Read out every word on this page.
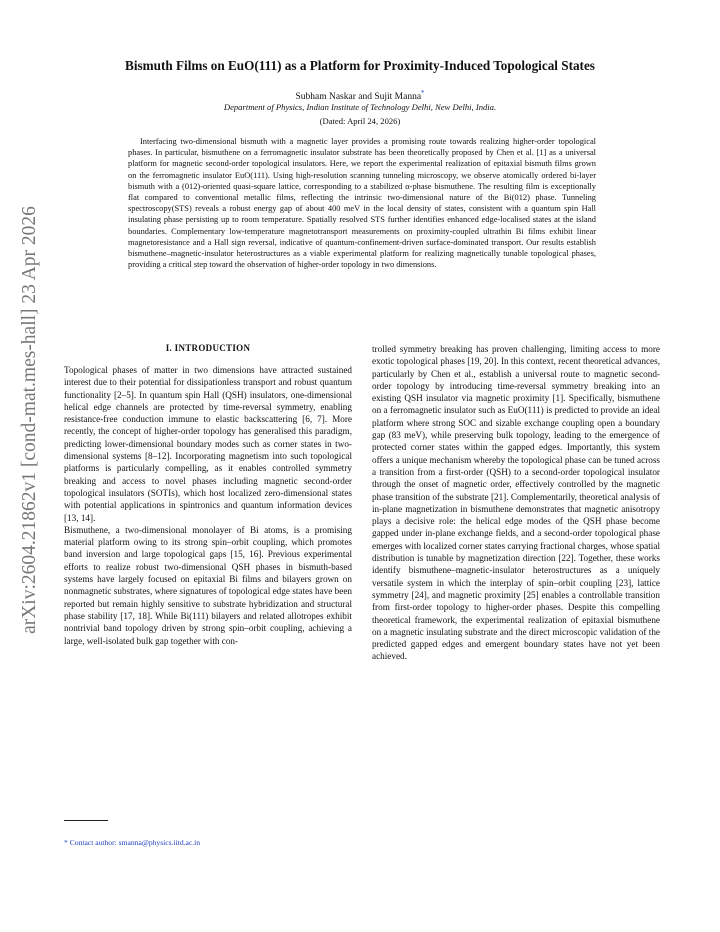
arXiv:2604.21862v1 [cond-mat.mes-hall] 23 Apr 2026
Bismuth Films on EuO(111) as a Platform for Proximity-Induced Topological States
Subham Naskar and Sujit Manna*
Department of Physics, Indian Institute of Technology Delhi, New Delhi, India.
(Dated: April 24, 2026)
Interfacing two-dimensional bismuth with a magnetic layer provides a promising route towards realizing higher-order topological phases. In particular, bismuthene on a ferromagnetic insulator substrate has been theoretically proposed by Chen et al. [1] as a universal platform for magnetic second-order topological insulators. Here, we report the experimental realization of epitaxial bismuth films grown on the ferromagnetic insulator EuO(111). Using high-resolution scanning tunneling microscopy, we observe atomically ordered bi-layer bismuth with a (012)-oriented quasi-square lattice, corresponding to a stabilized α-phase bismuthene. The resulting film is exceptionally flat compared to conventional metallic films, reflecting the intrinsic two-dimensional nature of the Bi(012) phase. Tunneling spectroscopy(STS) reveals a robust energy gap of about 400 meV in the local density of states, consistent with a quantum spin Hall insulating phase persisting up to room temperature. Spatially resolved STS further identifies enhanced edge-localised states at the island boundaries. Complementary low-temperature magnetotransport measurements on proximity-coupled ultrathin Bi films exhibit linear magnetoresistance and a Hall sign reversal, indicative of quantum-confinement-driven surface-dominated transport. Our results establish bismuthene–magnetic-insulator heterostructures as a viable experimental platform for realizing magnetically tunable topological phases, providing a critical step toward the observation of higher-order topology in two dimensions.
I. INTRODUCTION

Topological phases of matter in two dimensions have attracted sustained interest due to their potential for dissipationless transport and robust quantum functionality [2–5]. In quantum spin Hall (QSH) insulators, one-dimensional helical edge channels are protected by time-reversal symmetry, enabling resistance-free conduction immune to elastic backscattering [6, 7]. More recently, the concept of higher-order topology has generalised this paradigm, predicting lower-dimensional boundary modes such as corner states in two-dimensional systems [8–12]. Incorporating magnetism into such topological platforms is particularly compelling, as it enables controlled symmetry breaking and access to novel phases including magnetic second-order topological insulators (SOTIs), which host localized zero-dimensional states with potential applications in spintronics and quantum information devices [13, 14].

Bismuthene, a two-dimensional monolayer of Bi atoms, is a promising material platform owing to its strong spin–orbit coupling, which promotes band inversion and large topological gaps [15, 16]. Previous experimental efforts to realize robust two-dimensional QSH phases in bismuth-based systems have largely focused on epitaxial Bi films and bilayers grown on nonmagnetic substrates, where signatures of topological edge states have been reported but remain highly sensitive to substrate hybridization and structural phase stability [17, 18]. While Bi(111) bilayers and related allotropes exhibit nontrivial band topology driven by strong spin–orbit coupling, achieving a large, well-isolated bulk gap together with con-

trolled symmetry breaking has proven challenging, limiting access to more exotic topological phases [19, 20]. In this context, recent theoretical advances, particularly by Chen et al., establish a universal route to magnetic second-order topology by introducing time-reversal symmetry breaking into an existing QSH insulator via magnetic proximity [1]. Specifically, bismuthene on a ferromagnetic insulator such as EuO(111) is predicted to provide an ideal platform where strong SOC and sizable exchange coupling open a boundary gap (83 meV), while preserving bulk topology, leading to the emergence of protected corner states within the gapped edges. Importantly, this system offers a unique mechanism whereby the topological phase can be tuned across a transition from a first-order (QSH) to a second-order topological insulator through the onset of magnetic order, effectively controlled by the magnetic phase transition of the substrate [21]. Complementarily, theoretical analysis of in-plane magnetization in bismuthene demonstrates that magnetic anisotropy plays a decisive role: the helical edge modes of the QSH phase become gapped under in-plane exchange fields, and a second-order topological phase emerges with localized corner states carrying fractional charges, whose spatial distribution is tunable by magnetization direction [22]. Together, these works identify bismuthene–magnetic-insulator heterostructures as a uniquely versatile system in which the interplay of spin–orbit coupling [23], lattice symmetry [24], and magnetic proximity [25] enables a controllable transition from first-order topology to higher-order phases. Despite this compelling theoretical framework, the experimental realization of epitaxial bismuthene on a magnetic insulating substrate and the direct microscopic validation of the predicted gapped edges and emergent boundary states have not yet been achieved.

* Contact author: smanna@physics.iitd.ac.in
